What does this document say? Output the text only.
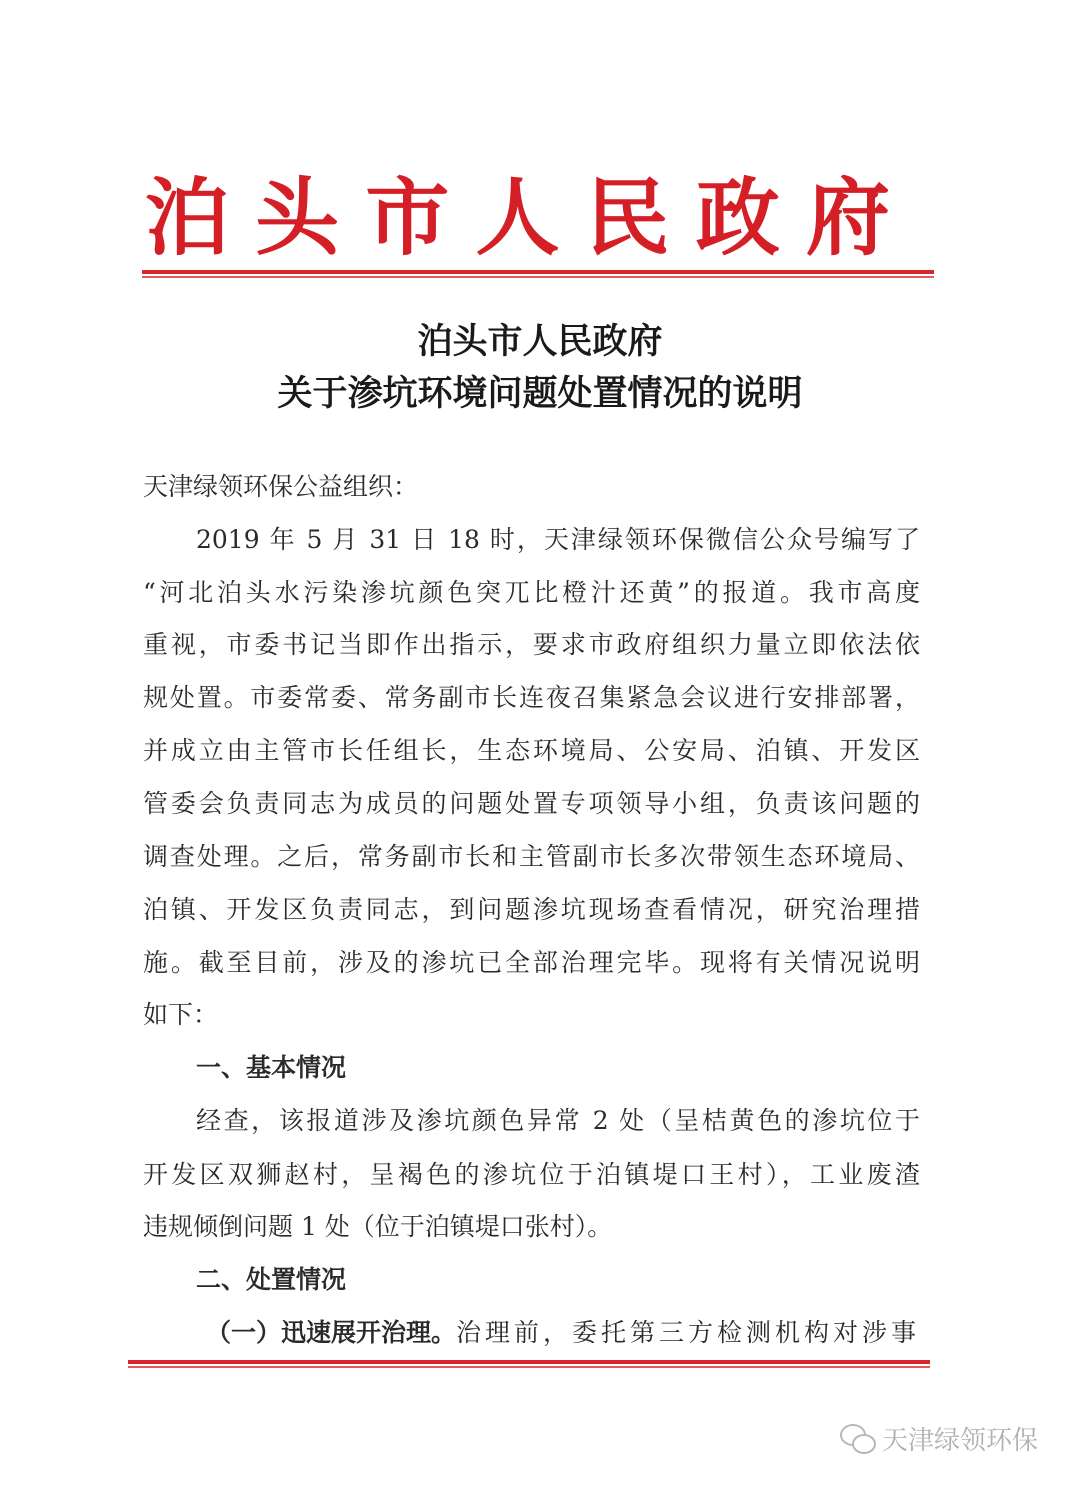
泊 头 市 人 民 政 府
泊头市人民政府
关于渗坑环境问题处置情况的说明
天津绿领环保公益组织：
2019 年 5 月 31 日 18 时，天津绿领环保微信公众号编写了
“河北泊头水污染渗坑颜色突兀比橙汁还黄”的报道。我市高度
重视，市委书记当即作出指示，要求市政府组织力量立即依法依
规处置。市委常委、常务副市长连夜召集紧急会议进行安排部署，
并成立由主管市长任组长，生态环境局、公安局、泊镇、开发区
管委会负责同志为成员的问题处置专项领导小组，负责该问题的
调查处理。之后，常务副市长和主管副市长多次带领生态环境局、
泊镇、开发区负责同志，到问题渗坑现场查看情况，研究治理措
施。截至目前，涉及的渗坑已全部治理完毕。现将有关情况说明
如下：
一、基本情况
经查，该报道涉及渗坑颜色异常 2 处（呈桔黄色的渗坑位于
开发区双狮赵村，呈褐色的渗坑位于泊镇堤口王村），工业废渣
违规倾倒问题 1 处（位于泊镇堤口张村）。
二、处置情况
（一）迅速展开治理。 治理前，委托第三方检测机构对涉事
天津绿领环保
